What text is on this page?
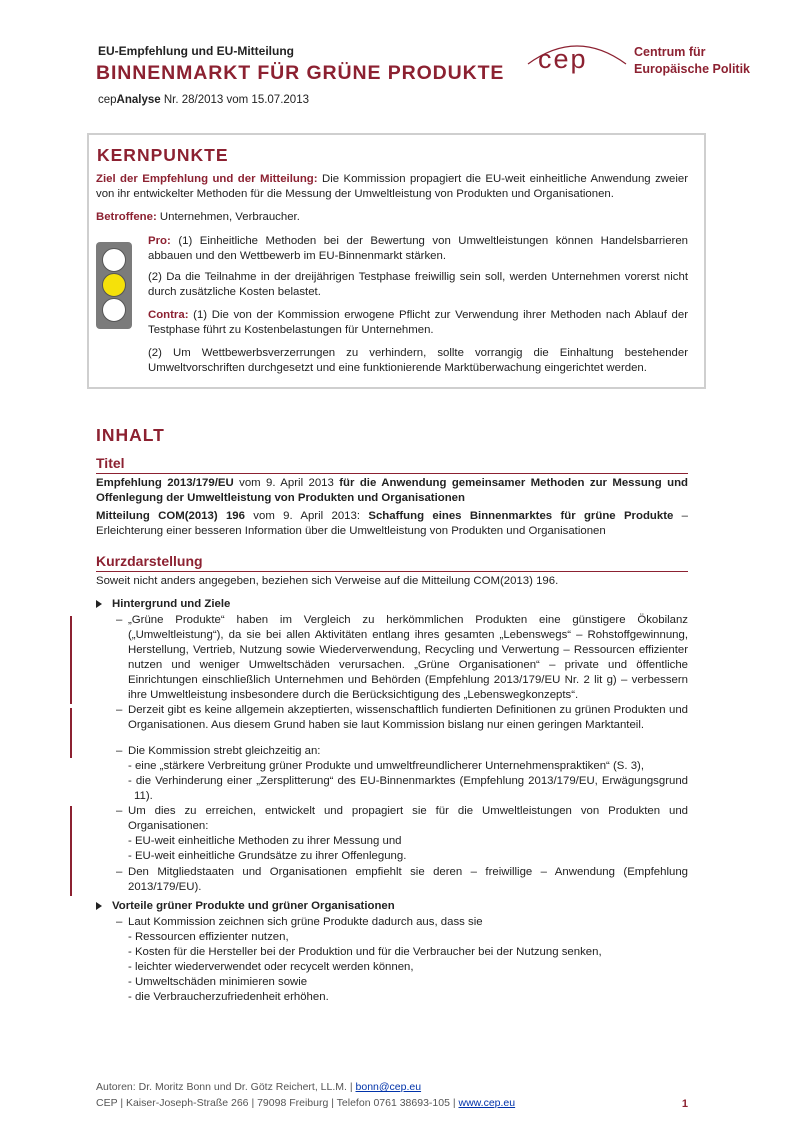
EU-Empfehlung und EU-Mitteilung
BINNENMARKT FÜR GRÜNE PRODUKTE
cepAnalyse Nr. 28/2013 vom 15.07.2013
cep	Centrum für
Europäische Politik
KERNPUNKTE
Ziel der Empfehlung und der Mitteilung: Die Kommission propagiert die EU-weit einheitliche Anwendung zweier von ihr entwickelter Methoden für die Messung der Umweltleistung von Produkten und Organisationen.
Betroffene: Unternehmen, Verbraucher.
Pro: (1) Einheitliche Methoden bei der Bewertung von Umweltleistungen können Handelsbarrieren abbauen und den Wettbewerb im EU-Binnenmarkt stärken.
(2) Da die Teilnahme in der dreijährigen Testphase freiwillig sein soll, werden Unternehmen vorerst nicht durch zusätzliche Kosten belastet.
Contra: (1) Die von der Kommission erwogene Pflicht zur Verwendung ihrer Methoden nach Ablauf der Testphase führt zu Kostenbelastungen für Unternehmen.
(2) Um Wettbewerbsverzerrungen zu verhindern, sollte vorrangig die Einhaltung bestehender Umweltvorschriften durchgesetzt und eine funktionierende Marktüberwachung eingerichtet werden.
INHALT
Titel
Empfehlung 2013/179/EU vom 9. April 2013 für die Anwendung gemeinsamer Methoden zur Messung und Offenlegung der Umweltleistung von Produkten und Organisationen
Mitteilung COM(2013) 196 vom 9. April 2013: Schaffung eines Binnenmarktes für grüne Produkte – Erleichterung einer besseren Information über die Umweltleistung von Produkten und Organisationen
Kurzdarstellung
Soweit nicht anders angegeben, beziehen sich Verweise auf die Mitteilung COM(2013) 196.
Hintergrund und Ziele
– „Grüne Produkte“ haben im Vergleich zu herkömmlichen Produkten eine günstigere Ökobilanz („Umweltleistung“), da sie bei allen Aktivitäten entlang ihres gesamten „Lebenswegs“ – Rohstoffgewinnung, Herstellung, Vertrieb, Nutzung sowie Wiederverwendung, Recycling und Verwertung – Ressourcen effizienter nutzen und weniger Umweltschäden verursachen. „Grüne Organisationen“ – private und öffentliche Einrichtungen einschließlich Unternehmen und Behörden (Empfehlung 2013/179/EU Nr. 2 lit g) – verbessern ihre Umweltleistung insbesondere durch die Berücksichtigung des „Lebenswegkonzepts“.
– Derzeit gibt es keine allgemein akzeptierten, wissenschaftlich fundierten Definitionen zu grünen Produkten und Organisationen. Aus diesem Grund haben sie laut Kommission bislang nur einen geringen Marktanteil.
– Die Kommission strebt gleichzeitig an:
- eine „stärkere Verbreitung grüner Produkte und umweltfreundlicherer Unternehmenspraktiken“ (S. 3),
- die Verhinderung einer „Zersplitterung“ des EU-Binnenmarktes (Empfehlung 2013/179/EU, Erwägungsgrund 11).
– Um dies zu erreichen, entwickelt und propagiert sie für die Umweltleistungen von Produkten und Organisationen:
- EU-weit einheitliche Methoden zu ihrer Messung und
- EU-weit einheitliche Grundsätze zu ihrer Offenlegung.
– Den Mitgliedstaaten und Organisationen empfiehlt sie deren – freiwillige – Anwendung (Empfehlung 2013/179/EU).
Vorteile grüner Produkte und grüner Organisationen
– Laut Kommission zeichnen sich grüne Produkte dadurch aus, dass sie
- Ressourcen effizienter nutzen,
- Kosten für die Hersteller bei der Produktion und für die Verbraucher bei der Nutzung senken,
- leichter wiederverwendet oder recycelt werden können,
- Umweltschäden minimieren sowie
- die Verbraucherzufriedenheit erhöhen.
Autoren: Dr. Moritz Bonn und Dr. Götz Reichert, LL.M. | bonn@cep.eu
CEP | Kaiser-Joseph-Straße 266 | 79098 Freiburg | Telefon 0761 38693-105 | www.cep.eu	1
